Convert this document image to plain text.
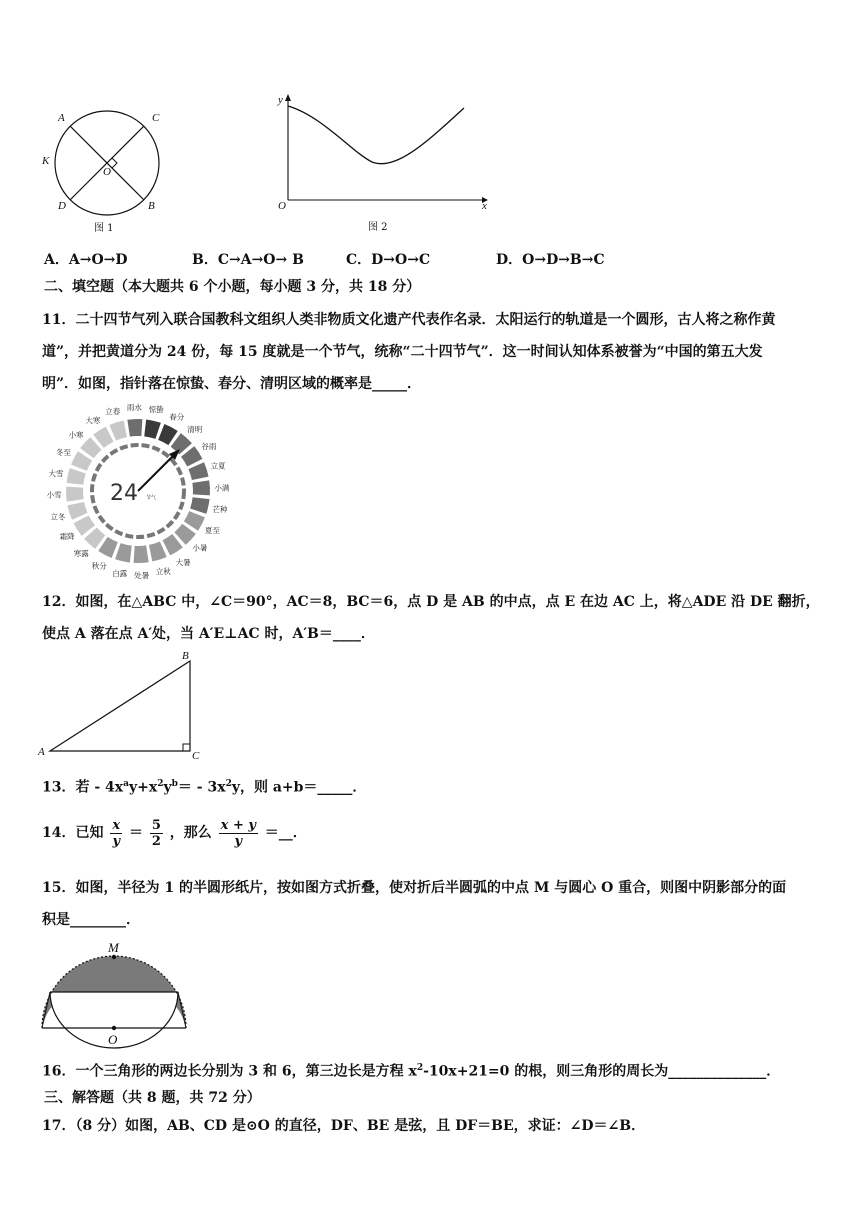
A	C
K
O
D	B
图 1
y
O	x
图 2
A．A→O→D	B．C→A→O→ B	C．D→O→C	D．O→D→B→C
二、填空题（本大题共 6 个小题，每小题 3 分，共 18 分）
11．二十四节气列入联合国教科文组织人类非物质文化遗产代表作名录．太阳运行的轨道是一个圆形，古人将之称作黄
道”，并把黄道分为 24 份，每 15 度就是一个节气，统称“二十四节气”．这一时间认知体系被誉为“中国的第五大发
明”．如图，指针落在惊蛰、春分、清明区域的概率是_____．
小寒
大寒
立春 雨水 惊蛰
春分
清明
谷雨
立夏
小满
芒种
夏至
小暑
大暑
立秋
处暑
白露
秋分
寒露
霜降
立冬
小雪
大雪
冬至
24 节气
12．如图，在△ABC 中，∠C＝90°，AC＝8，BC＝6，点 D 是 AB 的中点，点 E 在边 AC 上，将△ADE 沿 DE 翻折，
使点 A 落在点 A′处，当 A′E⊥AC 时，A′B＝____．
A
B
C
13．若 - $4x^ay+x^2y^b= - 3x^2y$，则 a+b＝_____．
14．已知 $\frac{x}{y} = \frac{5}{2}$ ，那么 $\frac{x + y}{y}$ ＝__．
15．如图，半径为 1 的半圆形纸片，按如图方式折叠，使对折后半圆弧的中点 M 与圆心 O 重合，则图中阴影部分的面
积是________．
M
O
16．一个三角形的两边长分别为 3 和 6，第三边长是方程 $x^2-10x+21=0$ 的根，则三角形的周长为______________．
三、解答题（共 8 题，共 72 分）
17．（8 分）如图，AB、CD 是⊙O 的直径，DF、BE 是弦，且 DF＝BE，求证：∠D＝∠B．
